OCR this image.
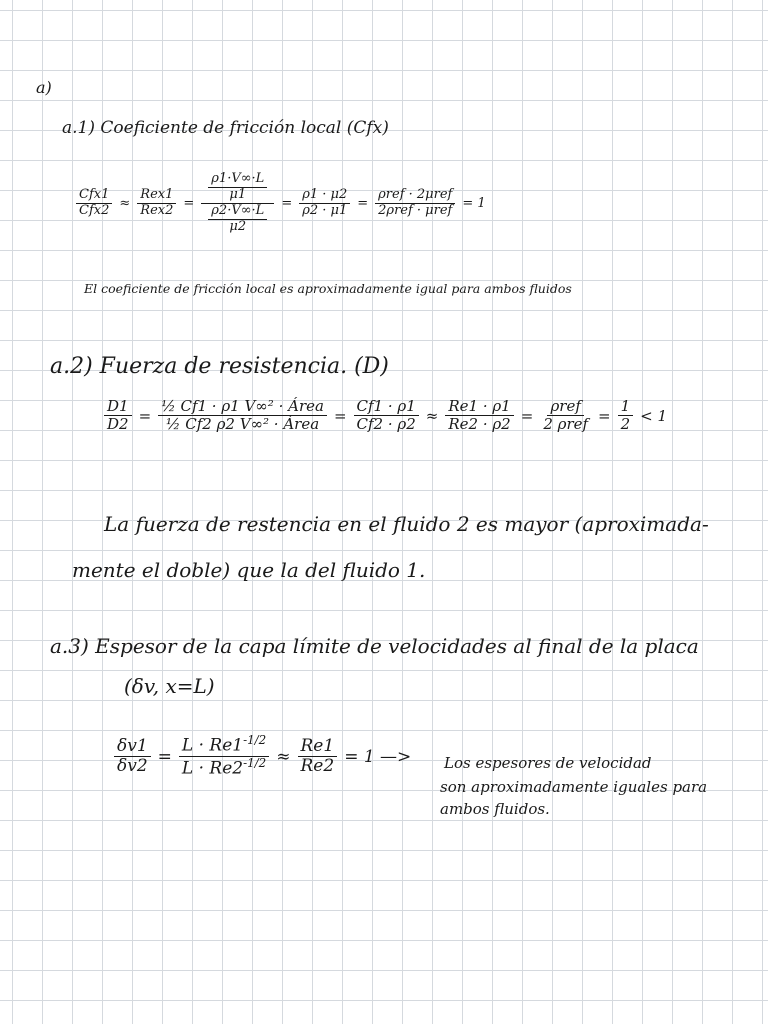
a)
a.1) Coeficiente de fricción local (Cfx)
$\frac{\text{Cfx1}}{\text{Cfx2}} \approx \frac{\text{Rex1}}{\text{Rex2}} = \frac{\frac{\rho 1\cdot V\infty\cdot L}{\mu 1}}{\frac{\rho 2\cdot V\infty\cdot L}{\mu 2}} = \frac{\rho 1 \cdot \mu 2}{\rho 2 \cdot \mu 1} = \frac{\text{ρref · 2μref}}{\text{2ρref · μref}} = 1$
El coeficiente de fricción local es aproximadamente igual para ambos fluidos
a.2) Fuerza de resistencia. (D)
$\frac{D1}{D2} = \frac{\text{½ Cf1 · ρ1 V∞² · Área}}{\text{½ Cf2 ρ2 V∞² · Área}} = \frac{Cf1 \cdot \rho 1}{Cf2 \cdot \rho 2} \approx \frac{Re1 \cdot \rho 1}{Re2 \cdot \rho 2} = \frac{\text{ρref}}{\text{2 ρref}} = \frac{1}{2} < 1$
La fuerza de restencia en el fluido 2 es mayor (aproximada-
mente el doble) que la del fluido 1.
a.3) Espesor de la capa límite de velocidades al final de la placa
(δv, x=L)
$\frac{\delta v1}{\delta v2} = \frac{L \cdot Re1^{-1/2}}{L \cdot Re2^{-1/2}} \approx \frac{Re1}{Re2} = 1$ —> Los espesores de velocidad
son aproximadamente iguales para
ambos fluidos.
